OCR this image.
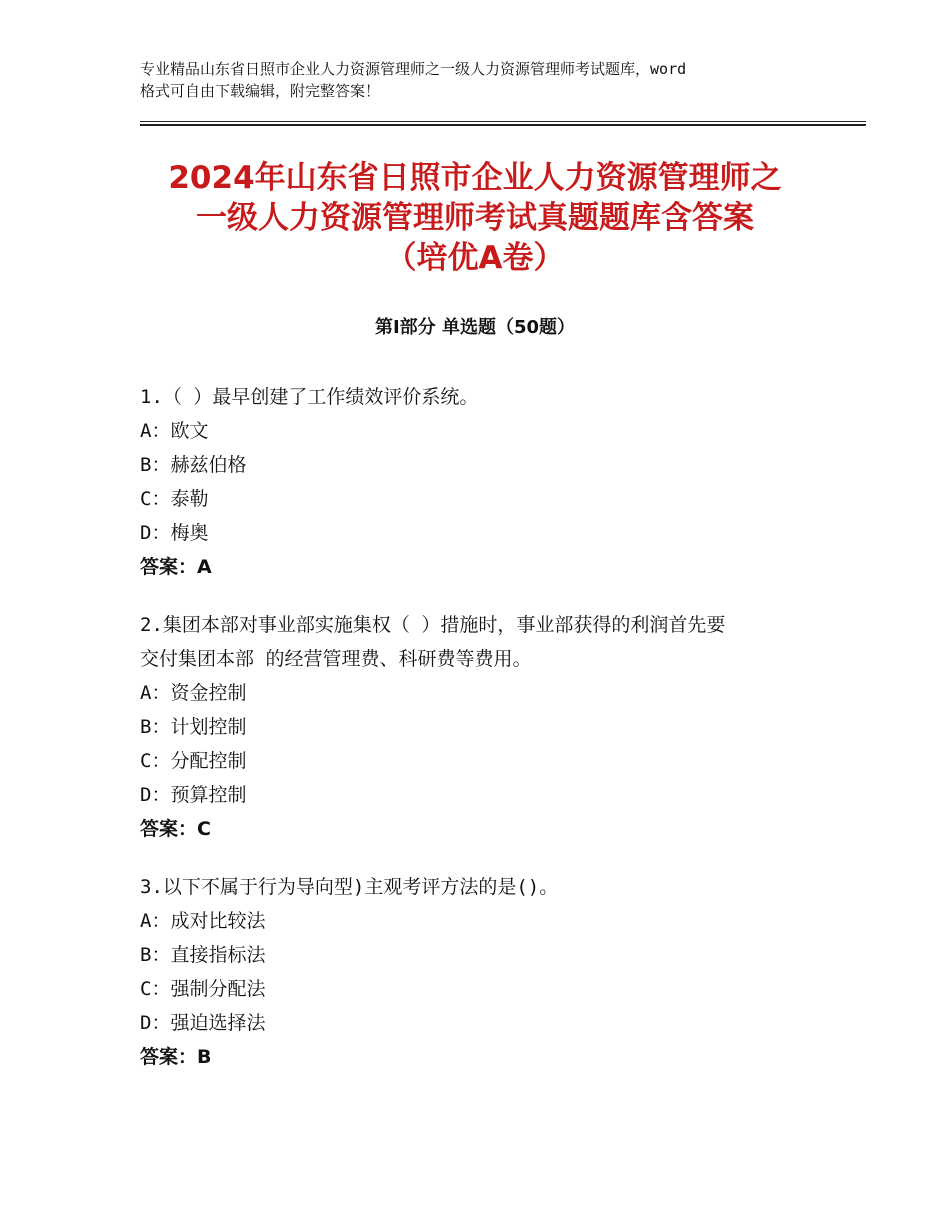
专业精品山东省日照市企业人力资源管理师之一级人力资源管理师考试题库，word
格式可自由下载编辑，附完整答案！
2024年山东省日照市企业人力资源管理师之
一级人力资源管理师考试真题题库含答案
（培优A卷）
第Ⅰ部分 单选题（50题）
1.（ ）最早创建了工作绩效评价系统。
A：欧文
B：赫兹伯格
C：泰勒
D：梅奥
答案：A
2.集团本部对事业部实施集权（ ）措施时，事业部获得的利润首先要
交付集团本部 的经营管理费、科研费等费用。
A：资金控制
B：计划控制
C：分配控制
D：预算控制
答案：C
3.以下不属于行为导向型)主观考评方法的是()。
A：成对比较法
B：直接指标法
C：强制分配法
D：强迫选择法
答案：B
